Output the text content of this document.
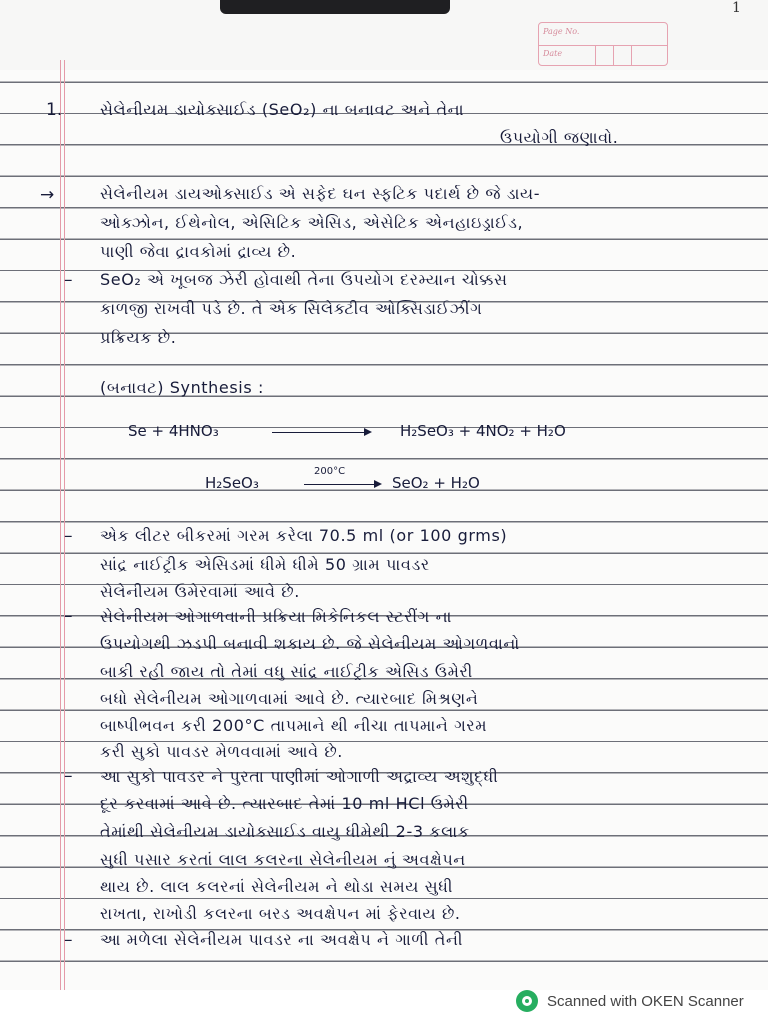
1
Page No.
Date
1. સેલેનીયમ ડાયોક્સાઈડ (SeO₂) ના બનાવટ અને તેના

ઉપયોગી જણાવો.

→	સેલેનીયમ ડાયઓક્સાઈડ એ સફેદ ઘન સ્ફટિક પદાર્થ છે જે ડાય-

ઓક્ઝોન, ઈથેનોલ, એસિટિક એસિડ, એસેટિક એનહાઇડ્રાઈડ,

પાણી જેવા દ્રાવકોમાં દ્રાવ્ય છે.

– SeO₂ એ ખૂબજ ઝેરી હોવાથી તેના ઉપયોગ દરમ્યાન ચોક્કસ

કાળજી રાખવી પડે છે. તે એક સિલેક્ટીવ ઓક્સિડાઈઝીંગ

પ્રક્રિયક છે.

(બનાવટ) Synthesis :

Se + 4HNO₃	H₂SeO₃ + 4NO₂ + H₂O
H₂SeO₃
200°C
SeO₂ + H₂O
– એક લીટર બીકરમાં ગરમ કરેલા 70.5 ml (or 100 grms)

સાંદ્ર નાઈટ્રીક એસિડમાં ધીમે ધીમે 50 ગ્રામ પાવડર

સેલેનીયમ ઉમેરવામાં આવે છે.

– સેલેનીયમ ઓગાળવાની પ્રક્રિયા મિકેનિકલ સ્ટરીંગ ના

ઉપયોગથી ઝડપી બનાવી શકાય છે. જે સેલેનીયમ ઓગળવાનો

બાકી રહી જાય તો તેમાં વધુ સાંદ્ર નાઈટ્રીક એસિડ ઉમેરી

બધો સેલેનીયમ ઓગાળવામાં આવે છે. ત્યારબાદ મિશ્રણને

બાષ્પીભવન કરી 200°C તાપમાને થી નીચા તાપમાને ગરમ

કરી સુકો પાવડર મેળવવામાં આવે છે.

– આ સુકો પાવડર ને પુરતા પાણીમાં ઓગાળી અદ્રાવ્ય અશુદ્ધી

દૂર કરવામાં આવે છે. ત્યારબાદ તેમાં 10 ml HCl ઉમેરી

તેમાંથી સેલેનીયમ ડાયોક્સાઈડ વાયુ ધીમેથી 2-3 કલાક

સુધી પસાર કરતાં લાલ કલરના સેલેનીયમ નું અવક્ષેપન

થાય છે. લાલ કલરનાં સેલેનીયમ ને થોડા સમય સુધી

રાખતા, રાખોડી કલરના બરડ અવક્ષેપન માં ફેરવાય છે.

– આ મળેલા સેલેનીયમ પાવડર ના અવક્ષેપ ને ગાળી તેની

Scanned with OKEN Scanner
